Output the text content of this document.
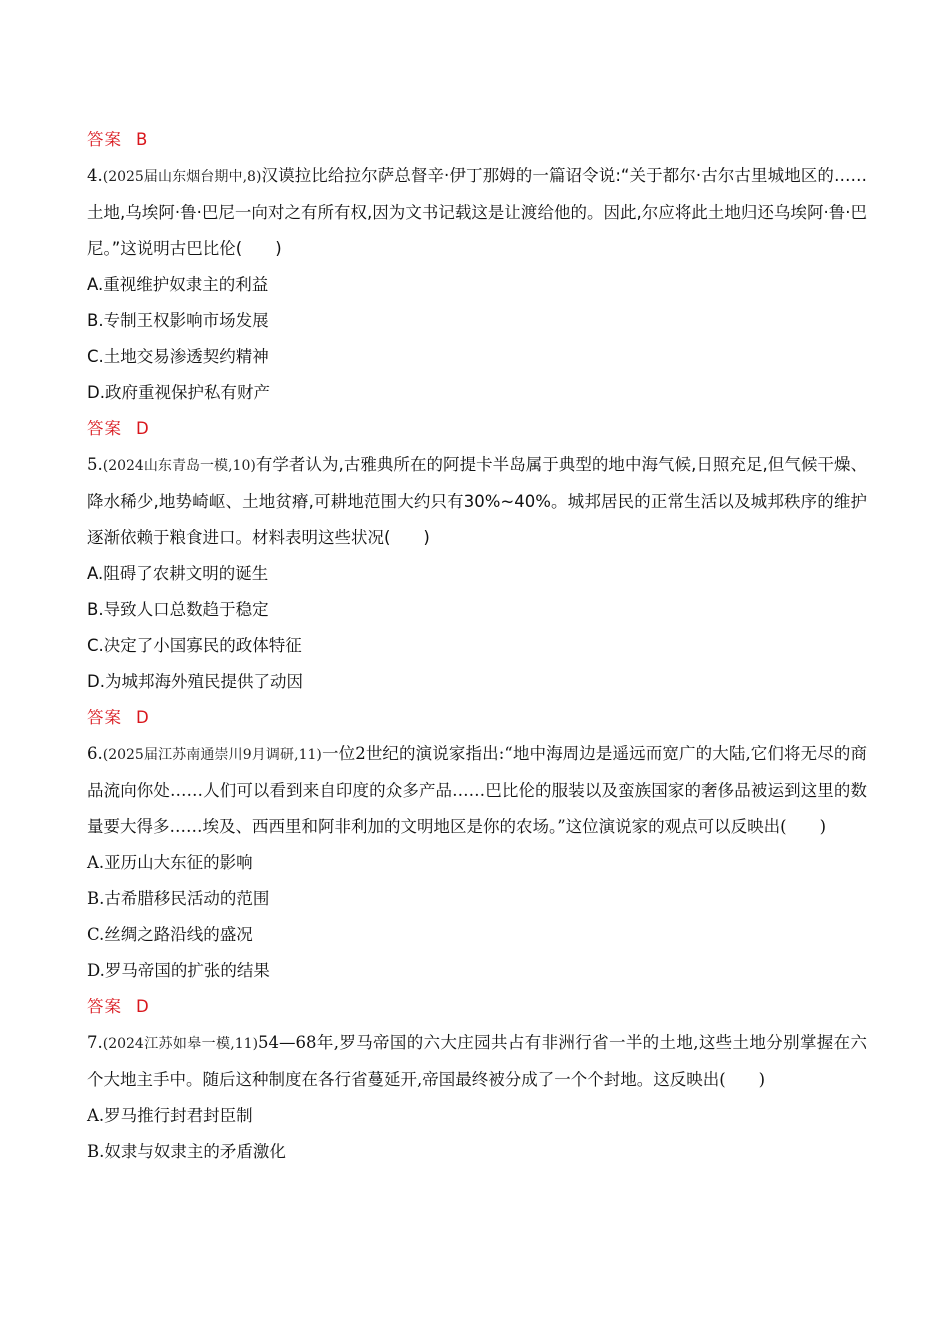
答案 B

4.(2025届山东烟台期中,8)汉谟拉比给拉尔萨总督辛·伊丁那姆的一篇诏令说:“关于都尔·古尔古里城地区的……土地,乌埃阿·鲁·巴尼一向对之有所有权,因为文书记载这是让渡给他的。因此,尔应将此土地归还乌埃阿·鲁·巴尼。”这说明古巴比伦(　　)

A.重视维护奴隶主的利益
B.专制王权影响市场发展
C.土地交易渗透契约精神
D.政府重视保护私有财产
答案 D

5.(2024山东青岛一模,10)有学者认为,古雅典所在的阿提卡半岛属于典型的地中海气候,日照充足,但气候干燥、降水稀少,地势崎岖、土地贫瘠,可耕地范围大约只有30%~40%。城邦居民的正常生活以及城邦秩序的维护逐渐依赖于粮食进口。材料表明这些状况(　　)

A.阻碍了农耕文明的诞生
B.导致人口总数趋于稳定
C.决定了小国寡民的政体特征
D.为城邦海外殖民提供了动因
答案 D

6.(2025届江苏南通崇川9月调研,11)一位2世纪的演说家指出:“地中海周边是遥远而宽广的大陆,它们将无尽的商品流向你处……人们可以看到来自印度的众多产品……巴比伦的服装以及蛮族国家的奢侈品被运到这里的数量要大得多……埃及、西西里和阿非利加的文明地区是你的农场。”这位演说家的观点可以反映出(　　)

A.亚历山大东征的影响
B.古希腊移民活动的范围
C.丝绸之路沿线的盛况
D.罗马帝国的扩张的结果
答案 D

7.(2024江苏如皋一模,11)54—68年,罗马帝国的六大庄园共占有非洲行省一半的土地,这些土地分别掌握在六个大地主手中。随后这种制度在各行省蔓延开,帝国最终被分成了一个个封地。这反映出(　　)

A.罗马推行封君封臣制
B.奴隶与奴隶主的矛盾激化
